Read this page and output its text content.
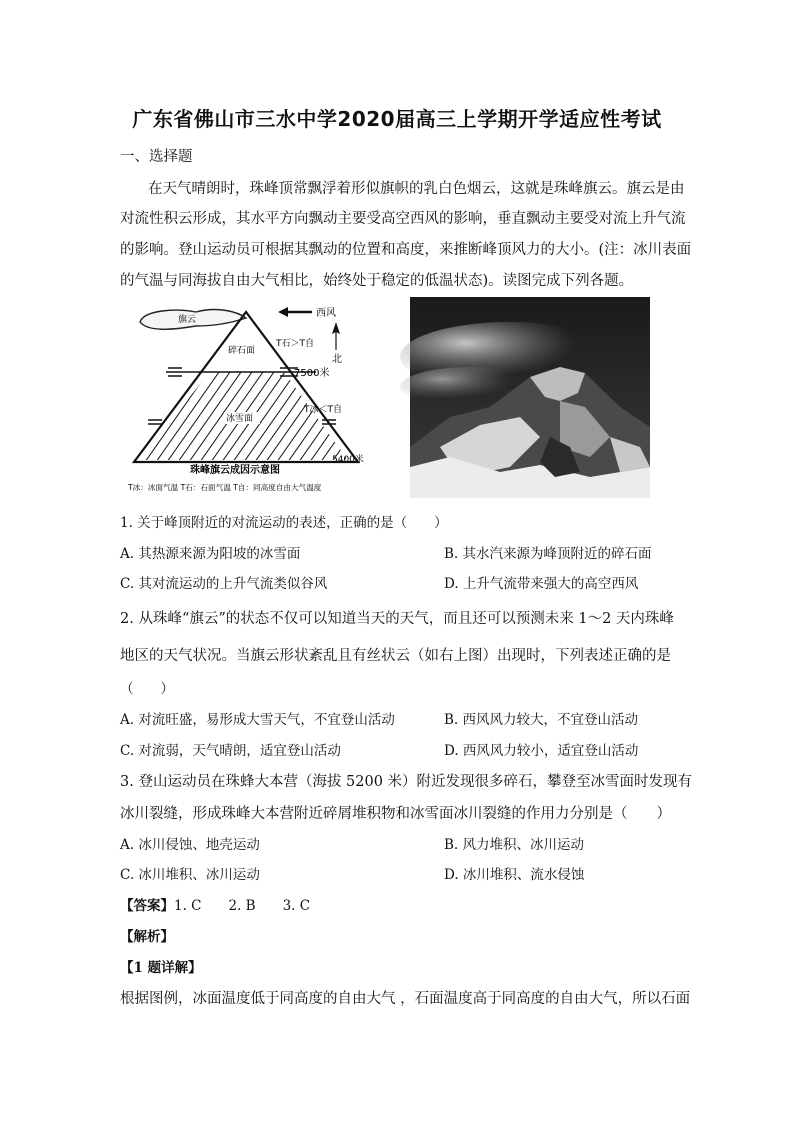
广东省佛山市三水中学2020届高三上学期开学适应性考试
一、选择题
在天气晴朗时，珠峰顶常飘浮着形似旗帜的乳白色烟云，这就是珠峰旗云。旗云是由
对流性积云形成，其水平方向飘动主要受高空西风的影响，垂直飘动主要受对流上升气流
的影响。登山运动员可根据其飘动的位置和高度，来推断峰顶风力的大小。(注：冰川表面
的气温与同海拔自由大气相比，始终处于稳定的低温状态)。读图完成下列各题。
旗云
碎石面
冰雪面
西风
北
T石＞T自
7500米
T冰＜T自
5400米
珠峰旗云成因示意图
T冰：冰面气温 T石：石面气温 T自：同高度自由大气温度
1. 关于峰顶附近的对流运动的表述，正确的是（　　）
A. 其热源来源为阳坡的冰雪面	B. 其水汽来源为峰顶附近的碎石面
C. 其对流运动的上升气流类似谷风	D. 上升气流带来强大的高空西风
2. 从珠峰“旗云”的状态不仅可以知道当天的天气，而且还可以预测未来 1～2 天内珠峰
地区的天气状况。当旗云形状紊乱且有丝状云（如右上图）出现时，下列表述正确的是
（　　）
A. 对流旺盛，易形成大雪天气，不宜登山活动	B. 西风风力较大，不宜登山活动
C. 对流弱，天气晴朗，适宜登山活动	D. 西风风力较小，适宜登山活动
3. 登山运动员在珠蜂大本营（海拔 5200 米）附近发现很多碎石，攀登至冰雪面时发现有
冰川裂缝，形成珠峰大本营附近碎屑堆积物和冰雪面冰川裂缝的作用力分别是（　　）
A. 冰川侵蚀、地壳运动	B. 风力堆积、冰川运动
C. 冰川堆积、冰川运动	D. 冰川堆积、流水侵蚀
【答案】1. C　　2. B　　3. C
【解析】
【1 题详解】
根据图例，冰面温度低于同高度的自由大气 ，石面温度高于同高度的自由大气，所以石面
